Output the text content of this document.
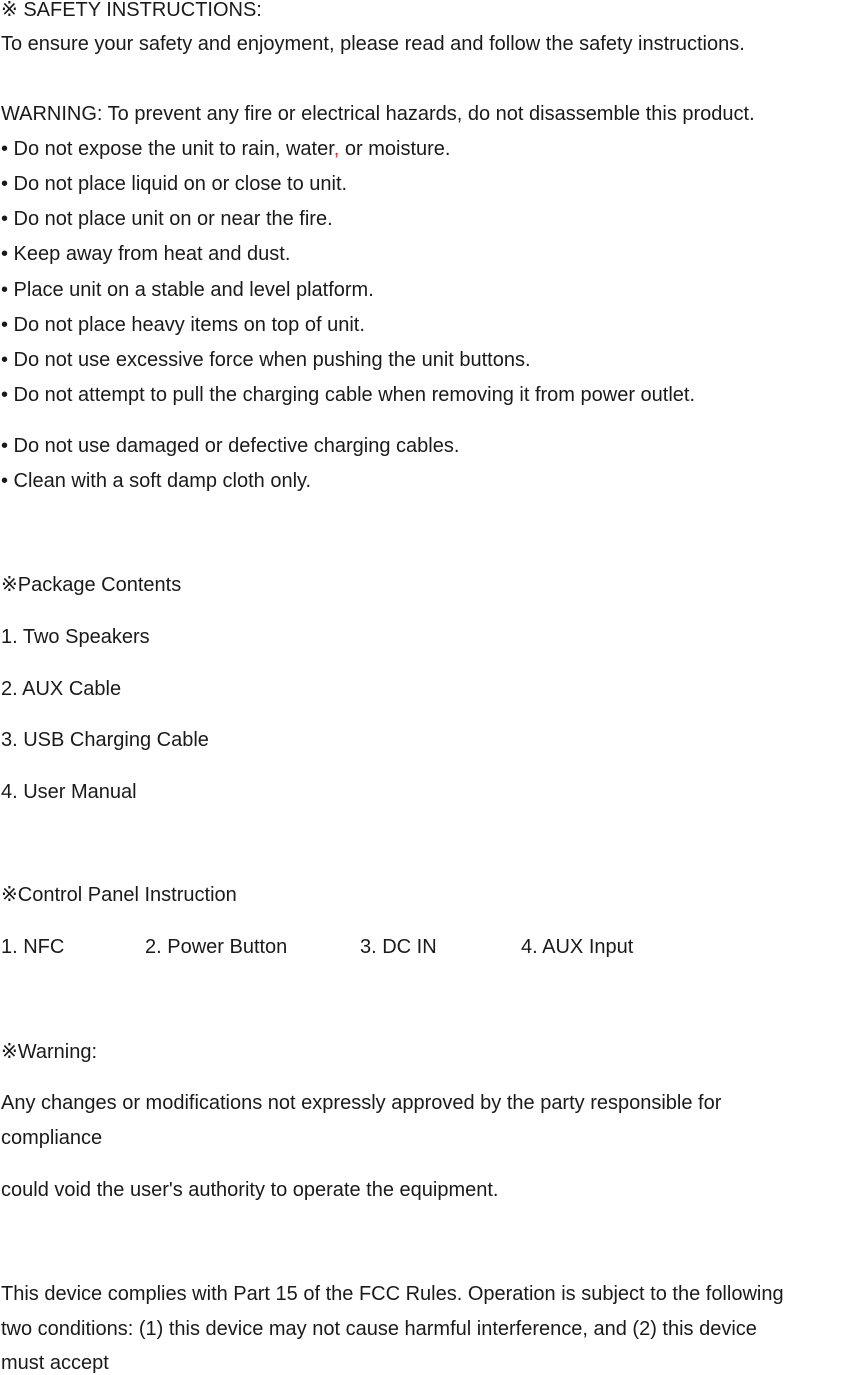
※ SAFETY INSTRUCTIONS:
To ensure your safety and enjoyment, please read and follow the safety instructions.
WARNING: To prevent any fire or electrical hazards, do not disassemble this product.
• Do not expose the unit to rain, water, or moisture.
• Do not place liquid on or close to unit.
• Do not place unit on or near the fire.
• Keep away from heat and dust.
• Place unit on a stable and level platform.
• Do not place heavy items on top of unit.
• Do not use excessive force when pushing the unit buttons.
• Do not attempt to pull the charging cable when removing it from power outlet.
• Do not use damaged or defective charging cables.
• Clean with a soft damp cloth only.
※Package Contents
1. Two Speakers
2. AUX Cable
3. USB Charging Cable
4. User Manual
※Control Panel Instruction
1. NFC	2. Power Button	3. DC IN	4. AUX Input
※Warning:
Any changes or modifications not expressly approved by the party responsible for
compliance
could void the user's authority to operate the equipment.
This device complies with Part 15 of the FCC Rules. Operation is subject to the following
two conditions: (1) this device may not cause harmful interference, and (2) this device
must accept
